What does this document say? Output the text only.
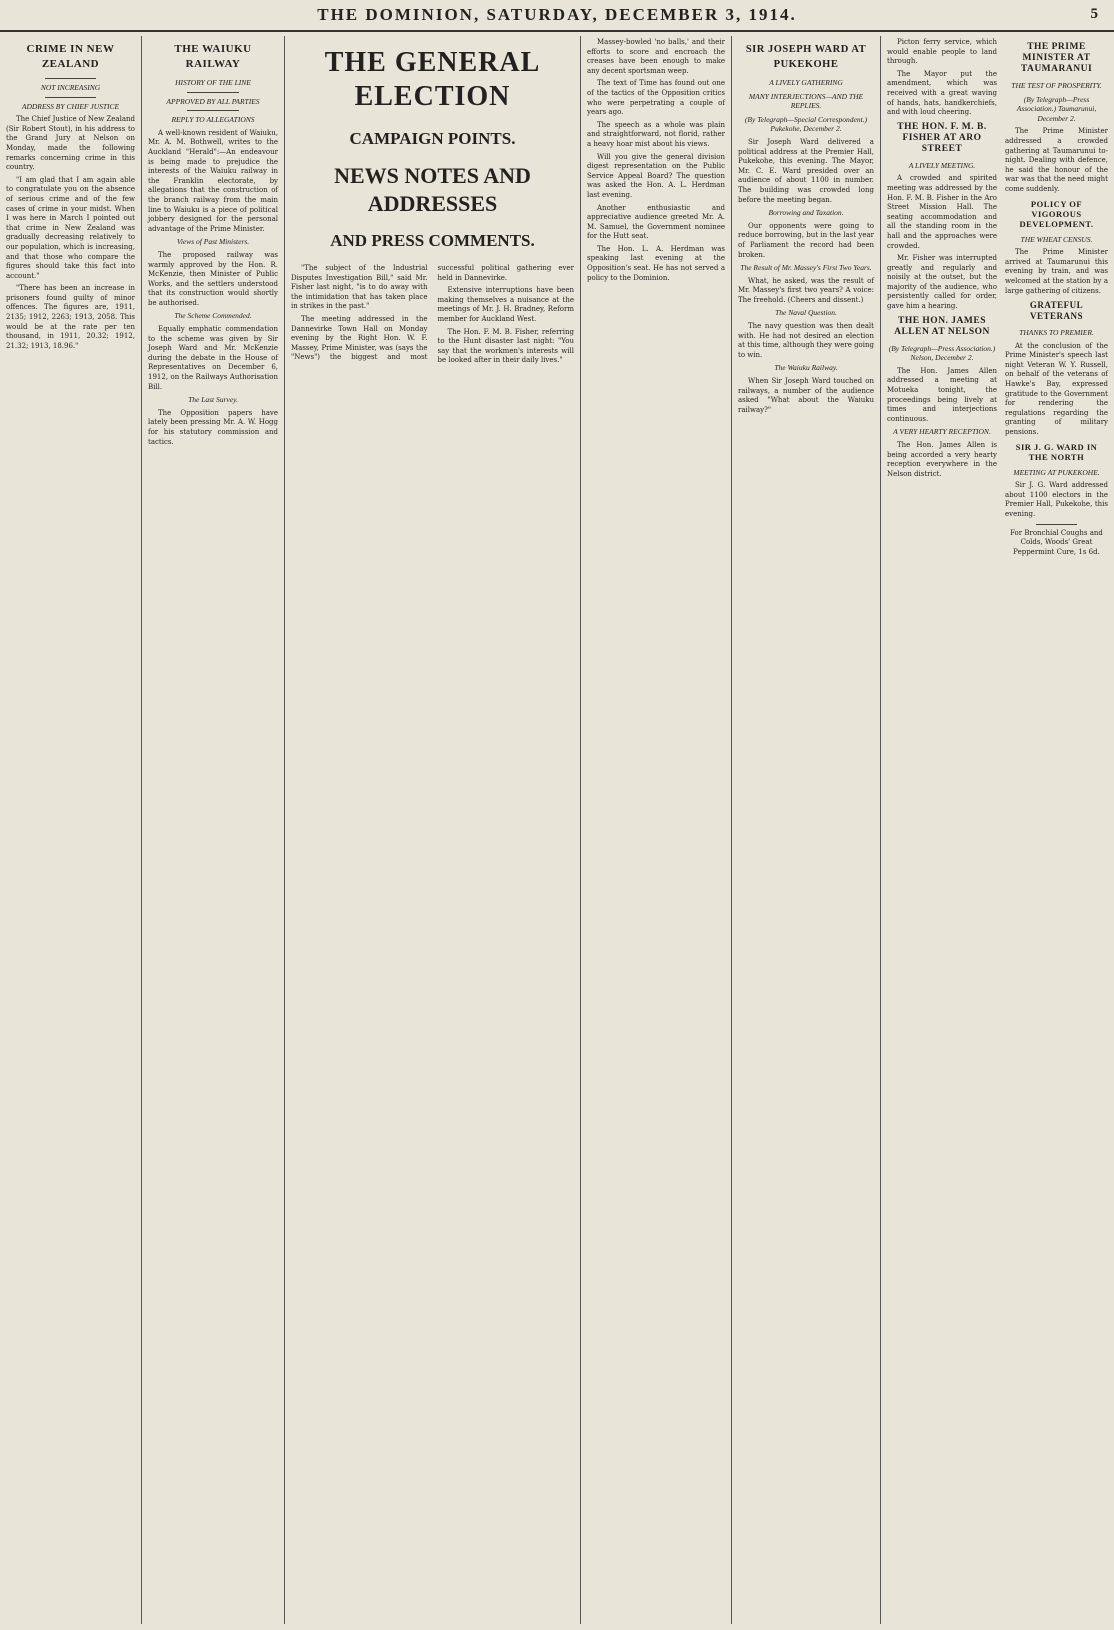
THE DOMINION, SATURDAY, DECEMBER 3, 1914.	5
CRIME IN NEW ZEALAND
NOT INCREASING
ADDRESS BY CHIEF JUSTICE

The Chief Justice of New Zealand (Sir Robert Stout), in his address to the Grand Jury at Nelson on Monday, made the following remarks concerning crime in this country.

"I am glad that I am again able to congratulate you on the absence of serious crime and of the few cases of crime in your midst. When I was here in March I pointed out that crime in New Zealand was gradually decreasing relatively to our population, which is increasing, and that those who compare the figures should take this fact into account."

"There has been an increase in prisoners found guilty of minor offences. The figures are, 1911, 2135; 1912, 2263; 1913, 2058. This would be at the rate per ten thousand, in 1911, 20.32; 1912, 21.32; 1913, 18.96."

THE WAIUKU RAILWAY
HISTORY OF THE LINE
APPROVED BY ALL PARTIES
REPLY TO ALLEGATIONS

A well-known resident of Waiuku, Mr. A. M. Bothwell, writes to the Auckland "Herald":—An endeavour is being made to prejudice the interests of the Waiuku railway in the Franklin electorate, by allegations that the construction of the branch railway from the main line to Waiuku is a piece of political jobbery designed for the personal advantage of the Prime Minister.

Views of Past Ministers.

The proposed railway was warmly approved by the Hon. R. McKenzie, then Minister of Public Works, and the settlers understood that its construction would shortly be authorised.

The Scheme Commended.

Equally emphatic commendation to the scheme was given by Sir Joseph Ward and Mr. McKenzie during the debate in the House of Representatives on December 6, 1912, on the Railways Authorisation Bill.

The Last Survey.

The Opposition papers have lately been pressing Mr. A. W. Hogg for his statutory commission and tactics.

THE GENERAL ELECTION
CAMPAIGN POINTS.
NEWS NOTES AND ADDRESSES
AND PRESS COMMENTS.

"The subject of the Industrial Disputes Investigation Bill," said Mr. Fisher last night, "is to do away with the intimidation that has taken place in strikes in the past."

The meeting addressed in the Dannevirke Town Hall on Monday evening by the Right Hon. W. F. Massey, Prime Minister, was (says the "News") the biggest and most successful political gathering ever held in Dannevirke.

Extensive interruptions have been making themselves a nuisance at the meetings of Mr. J. H. Bradney, Reform member for Auckland West.

The Hon. F. M. B. Fisher, referring to the Hunt disaster last night: "You say that the workmen's interests will be looked after in their daily lives."

Massey-bowled 'no balls,' and their efforts to score and encroach the creases have been enough to make any decent sportsman weep.

The text of Time has found out one of the tactics of the Opposition critics who were perpetrating a couple of years ago.

The speech as a whole was plain and straightforward, not florid, rather a heavy hoar mist about his views.

Will you give the general division digest representation on the Public Service Appeal Board? The question was asked the Hon. A. L. Herdman last evening.

Another enthusiastic and appreciative audience greeted Mr. A. M. Samuel, the Government nominee for the Hutt seat.

The Hon. L. A. Herdman was speaking last evening at the Opposition's seat. He has not served a policy to the Dominion.

SIR JOSEPH WARD AT PUKEKOHE
A LIVELY GATHERING
MANY INTERJECTIONS—AND THE REPLIES.
(By Telegraph—Special Correspondent.) Pukekohe, December 2.

Sir Joseph Ward delivered a political address at the Premier Hall, Pukekohe, this evening. The Mayor, Mr. C. E. Ward presided over an audience of about 1100 in number. The building was crowded long before the meeting began.

Borrowing and Taxation.

Our opponents were going to reduce borrowing, but in the last year of Parliament the record had been broken.

The Result of Mr. Massey's First Two Years.

What, he asked, was the result of Mr. Massey's first two years? A voice: The freehold. (Cheers and dissent.)

The Naval Question.

The navy question was then dealt with. He had not desired an election at this time, although they were going to win.

The Waiuku Railway.

When Sir Joseph Ward touched on railways, a number of the audience asked "What about the Waiuku railway?"

Picton ferry service, which would enable people to land through.

The Mayor put the amendment, which was received with a great waving of hands, hats, handkerchiefs, and with loud cheering.

THE HON. F. M. B. FISHER AT ARO STREET
A LIVELY MEETING.

A crowded and spirited meeting was addressed by the Hon. F. M. B. Fisher in the Aro Street Mission Hall. The seating accommodation and all the standing room in the hall and the approaches were crowded.

Mr. Fisher was interrupted greatly and regularly and noisily at the outset, but the majority of the audience, who persistently called for order, gave him a hearing.

THE HON. JAMES ALLEN AT NELSON
(By Telegraph—Press Association.) Nelson, December 2.

The Hon. James Allen addressed a meeting at Motueka tonight, the proceedings being lively at times and interjections continuous.

A VERY HEARTY RECEPTION.

The Hon. James Allen is being accorded a very hearty reception everywhere in the Nelson district.

THE PRIME MINISTER AT TAUMARANUI
THE TEST OF PROSPERITY.
(By Telegraph—Press Association.) Taumarunui, December 2.

The Prime Minister addressed a crowded gathering at Taumarunui to-night. Dealing with defence, he said the honour of the war was that the need might come suddenly.

POLICY OF VIGOROUS DEVELOPMENT.
THE WHEAT CENSUS.

The Prime Minister arrived at Taumarunui this evening by train, and was welcomed at the station by a large gathering of citizens.

GRATEFUL VETERANS
THANKS TO PREMIER.

At the conclusion of the Prime Minister's speech last night Veteran W. Y. Russell, on behalf of the veterans of Hawke's Bay, expressed gratitude to the Government for rendering the regulations regarding the granting of military pensions.

SIR J. G. WARD IN THE NORTH
MEETING AT PUKEKOHE.

Sir J. G. Ward addressed about 1100 electors in the Premier Hall, Pukekohe, this evening.

For Bronchial Coughs and Colds, Woods' Great Peppermint Cure, 1s 6d.
